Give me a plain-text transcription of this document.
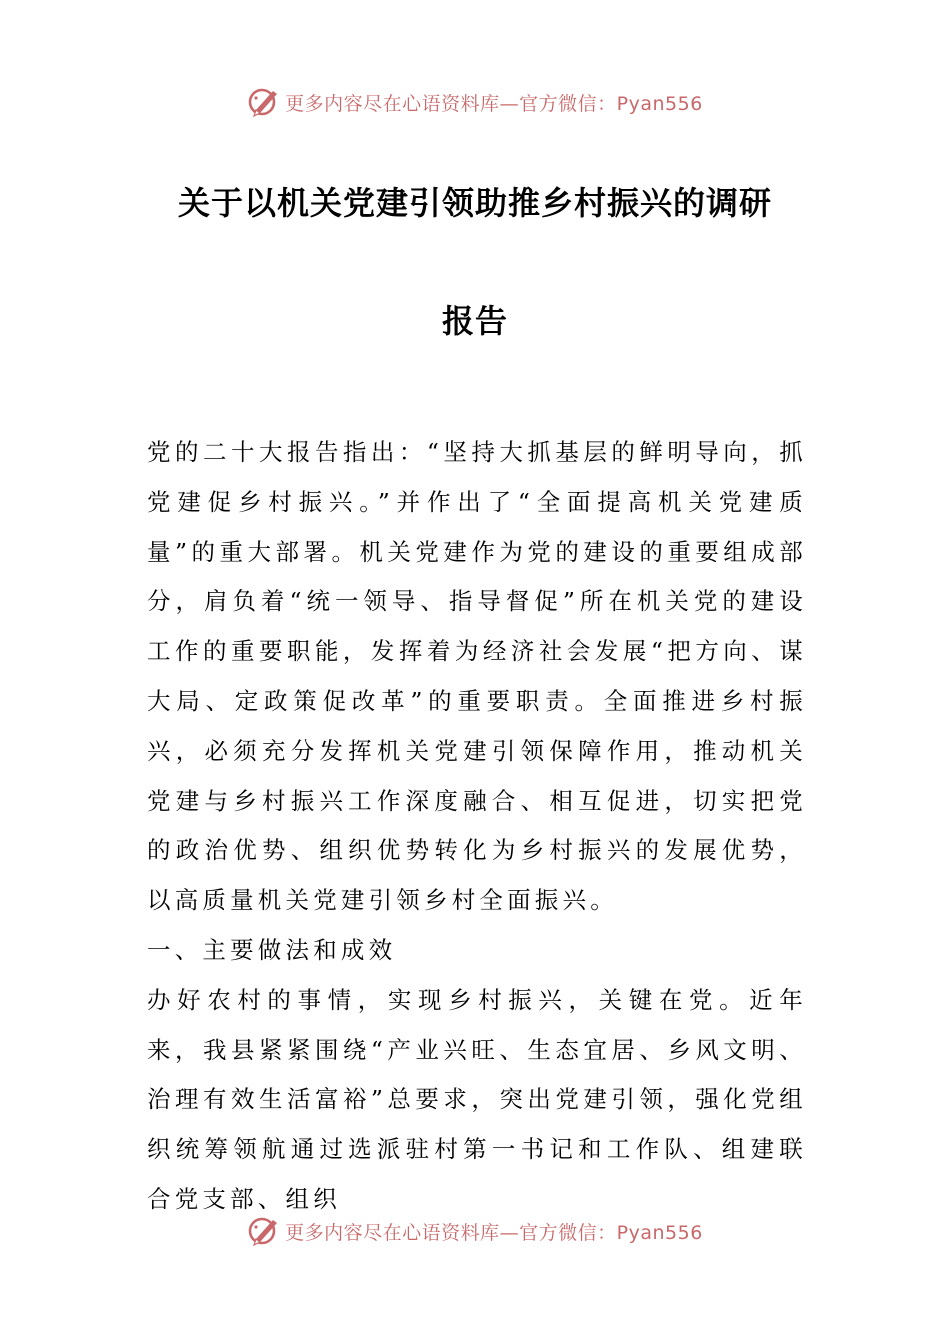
更多内容尽在心语资料库—官方微信：Pyan556
关于以机关党建引领助推乡村振兴的调研
报告

党的二十大报告指出：“坚持大抓基层的鲜明导向，抓党建促乡村振兴。”并作出了“全面提高机关党建质量”的重大部署。机关党建作为党的建设的重要组成部分，肩负着“统一领导、指导督促”所在机关党的建设工作的重要职能，发挥着为经济社会发展“把方向、谋大局、定政策促改革”的重要职责。全面推进乡村振兴，必须充分发挥机关党建引领保障作用，推动机关党建与乡村振兴工作深度融合、相互促进，切实把党的政治优势、组织优势转化为乡村振兴的发展优势，以高质量机关党建引领乡村全面振兴。

一、主要做法和成效

办好农村的事情，实现乡村振兴，关键在党。近年来，我县紧紧围绕“产业兴旺、生态宜居、乡风文明、治理有效生活富裕”总要求，突出党建引领，强化党组织统筹领航通过选派驻村第一书记和工作队、组建联合党支部、组织

更多内容尽在心语资料库—官方微信：Pyan556
